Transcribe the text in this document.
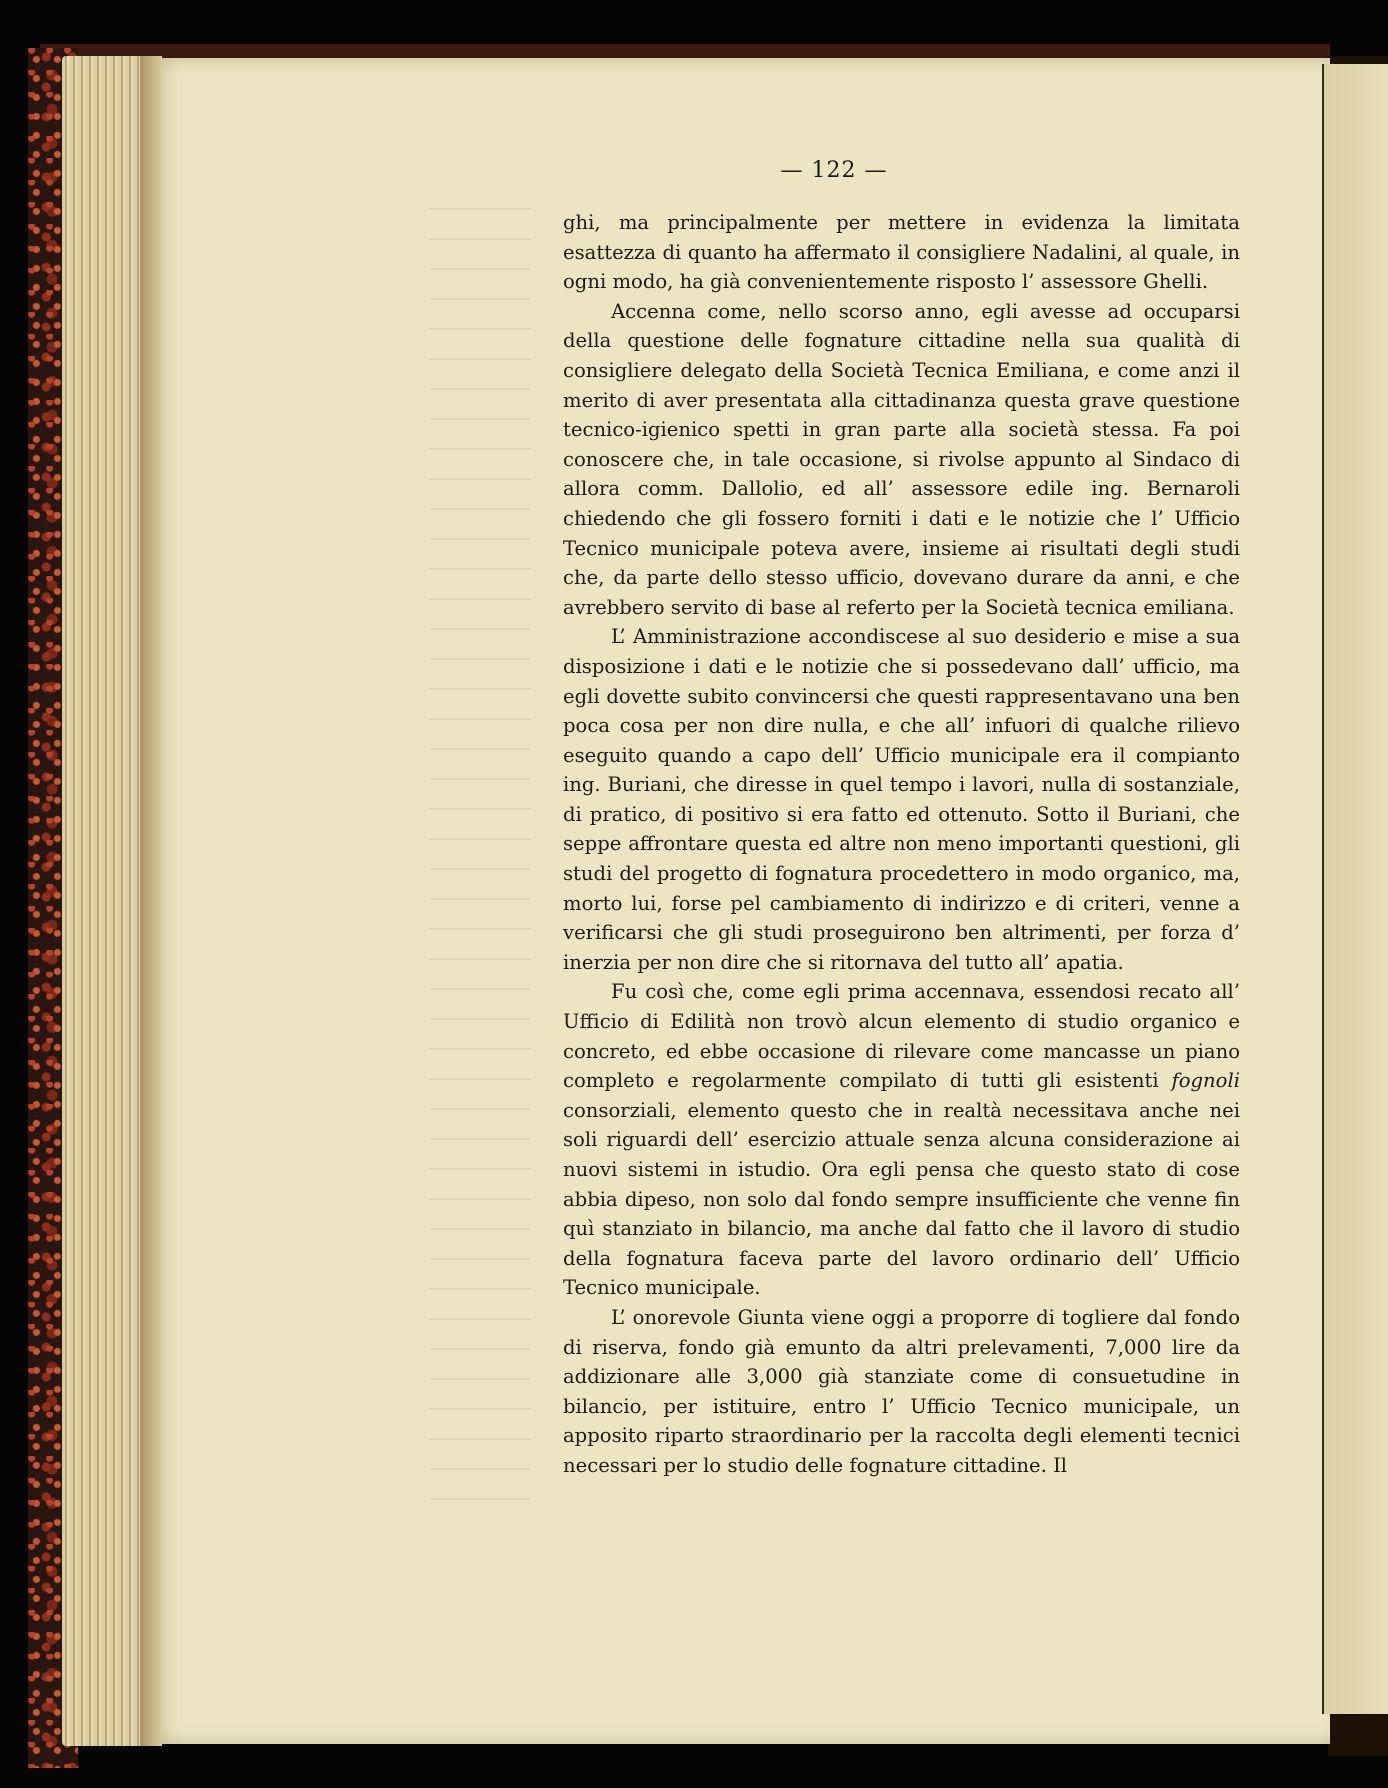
— 122 —

ghi, ma principalmente per mettere in evidenza la limitata esattezza di quanto ha affermato il consigliere Nadalini, al quale, in ogni modo, ha già convenientemente risposto l’ assessore Ghelli.

Accenna come, nello scorso anno, egli avesse ad occuparsi della questione delle fognature cittadine nella sua qualità di consigliere delegato della Società Tecnica Emiliana, e come anzi il merito di aver presentata alla cittadinanza questa grave questione tecnico-igienico spetti in gran parte alla società stessa. Fa poi conoscere che, in tale occasione, si rivolse appunto al Sindaco di allora comm. Dallolio, ed all’ assessore edile ing. Bernaroli chiedendo che gli fossero forniti i dati e le notizie che l’ Ufficio Tecnico municipale poteva avere, insieme ai risultati degli studi che, da parte dello stesso ufficio, dovevano durare da anni, e che avrebbero servito di base al referto per la Società tecnica emiliana.

L’ Amministrazione accondiscese al suo desiderio e mise a sua disposizione i dati e le notizie che si possedevano dall’ ufficio, ma egli dovette subito convincersi che questi rappresentavano una ben poca cosa per non dire nulla, e che all’ infuori di qualche rilievo eseguito quando a capo dell’ Ufficio municipale era il compianto ing. Buriani, che diresse in quel tempo i lavori, nulla di sostanziale, di pratico, di positivo si era fatto ed ottenuto. Sotto il Buriani, che seppe affrontare questa ed altre non meno importanti questioni, gli studi del progetto di fognatura procedettero in modo organico, ma, morto lui, forse pel cambiamento di indirizzo e di criteri, venne a verificarsi che gli studi proseguirono ben altrimenti, per forza d’ inerzia per non dire che si ritornava del tutto all’ apatia.

Fu così che, come egli prima accennava, essendosi recato all’ Ufficio di Edilità non trovò alcun elemento di studio organico e concreto, ed ebbe occasione di rilevare come mancasse un piano completo e regolarmente compilato di tutti gli esistenti fognoli consorziali, elemento questo che in realtà necessitava anche nei soli riguardi dell’ esercizio attuale senza alcuna considerazione ai nuovi sistemi in istudio. Ora egli pensa che questo stato di cose abbia dipeso, non solo dal fondo sempre insufficiente che venne fin quì stanziato in bilancio, ma anche dal fatto che il lavoro di studio della fognatura faceva parte del lavoro ordinario dell’ Ufficio Tecnico municipale.

L’ onorevole Giunta viene oggi a proporre di togliere dal fondo di riserva, fondo già emunto da altri prelevamenti, 7,000 lire da addizionare alle 3,000 già stanziate come di consuetudine in bilancio, per istituire, entro l’ Ufficio Tecnico municipale, un apposito riparto straordinario per la raccolta degli elementi tecnici necessari per lo studio delle fognature cittadine. Il
